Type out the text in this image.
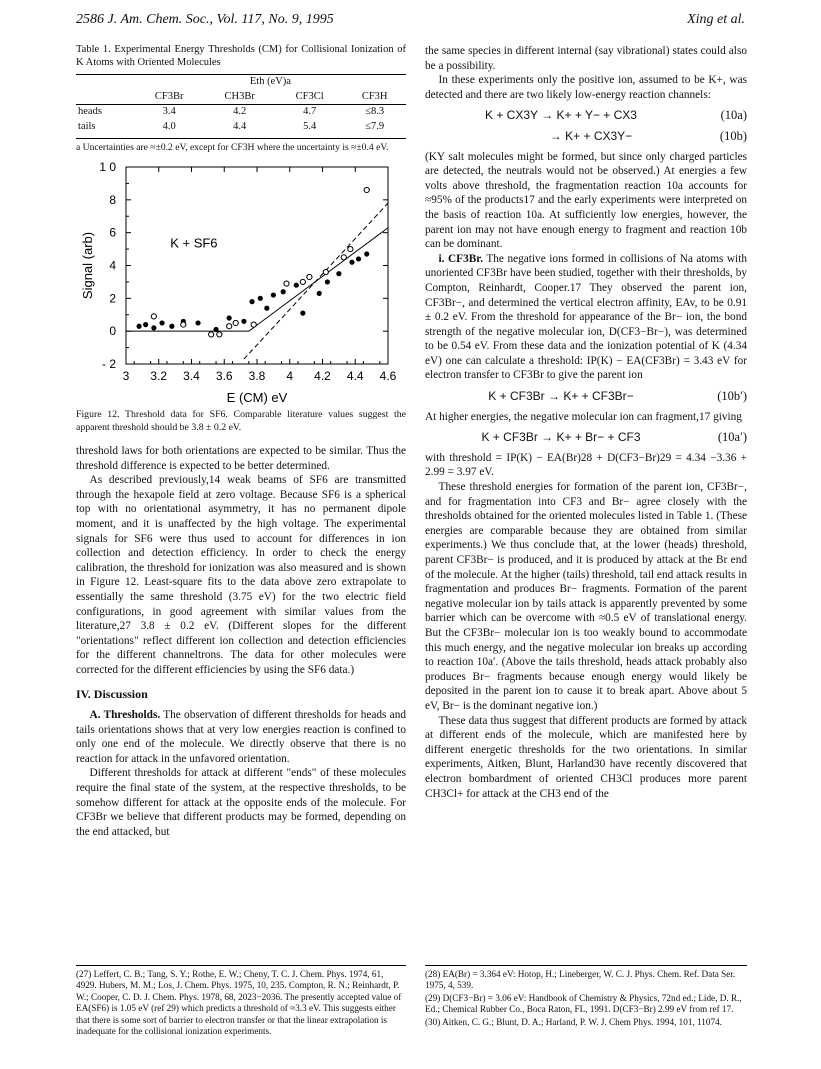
2586 J. Am. Chem. Soc., Vol. 117, No. 9, 1995	Xing et al.
Table 1. Experimental Energy Thresholds (CM) for Collisional Ionization of K Atoms with Oriented Molecules
	Eth (eV)a			
	CF3Br	CH3Br	CF3Cl	CF3H
heads	3.4	4.2	4.7	≤8.3
tails	4.0	4.4	5.4	≤7.9
a Uncertainties are ≈±0.2 eV, except for CF3H where the uncertainty is ≈±0.4 eV.
3 3.2 3.4 3.6 3.8 4 4.2 4.4 4.6
- 2
0
2
4
6
8
1 0
E (CM) eV
Signal (arb)	K + SF6
Figure 12. Threshold data for SF6. Comparable literature values suggest the apparent threshold should be 3.8 ± 0.2 eV.

threshold laws for both orientations are expected to be similar. Thus the threshold difference is expected to be better determined.

As described previously,14 weak beams of SF6 are transmitted through the hexapole field at zero voltage. Because SF6 is a spherical top with no orientational asymmetry, it has no permanent dipole moment, and it is unaffected by the high voltage. The experimental signals for SF6 were thus used to account for differences in ion collection and detection efficiency. In order to check the energy calibration, the threshold for ionization was also measured and is shown in Figure 12. Least-square fits to the data above zero extrapolate to essentially the same threshold (3.75 eV) for the two electric field configurations, in good agreement with similar values from the literature,27 3.8 ± 0.2 eV. (Different slopes for the different "orientations" reflect different ion collection and detection efficiencies for the different channeltrons. The data for other molecules were corrected for the different efficiencies by using the SF6 data.)

IV. Discussion

A. Thresholds. The observation of different thresholds for heads and tails orientations shows that at very low energies reaction is confined to only one end of the molecule. We directly observe that there is no reaction for attack in the unfavored orientation.

Different thresholds for attack at different "ends" of these molecules require the final state of the system, at the respective thresholds, to be somehow different for attack at the opposite ends of the molecule. For CF3Br we believe that different products may be formed, depending on the end attacked, but

the same species in different internal (say vibrational) states could also be a possibility.

In these experiments only the positive ion, assumed to be K+, was detected and there are two likely low-energy reaction channels:

K + CX3Y → K+ + Y− + CX3	(10a)
→ K+ + CX3Y−	(10b)

(KY salt molecules might be formed, but since only charged particles are detected, the neutrals would not be observed.) At energies a few volts above threshold, the fragmentation reaction 10a accounts for ≈95% of the products17 and the early experiments were interpreted on the basis of reaction 10a. At sufficiently low energies, however, the parent ion may not have enough energy to fragment and reaction 10b can be dominant.

i. CF3Br. The negative ions formed in collisions of Na atoms with unoriented CF3Br have been studied, together with their thresholds, by Compton, Reinhardt, Cooper.17 They observed the parent ion, CF3Br−, and determined the vertical electron affinity, EAv, to be 0.91 ± 0.2 eV. From the threshold for appearance of the Br− ion, the bond strength of the negative molecular ion, D(CF3−Br−), was determined to be 0.54 eV. From these data and the ionization potential of K (4.34 eV) one can calculate a threshold: IP(K) − EA(CF3Br) = 3.43 eV for electron transfer to CF3Br to give the parent ion

K + CF3Br → K+ + CF3Br−	(10b′)

At higher energies, the negative molecular ion can fragment,17 giving

K + CF3Br → K+ + Br− + CF3	(10a′)

with threshold = IP(K) − EA(Br)28 + D(CF3−Br)29 = 4.34 −3.36 + 2.99 = 3.97 eV.

These threshold energies for formation of the parent ion, CF3Br−, and for fragmentation into CF3 and Br− agree closely with the thresholds obtained for the oriented molecules listed in Table 1. (These energies are comparable because they are obtained from similar experiments.) We thus conclude that, at the lower (heads) threshold, parent CF3Br− is produced, and it is produced by attack at the Br end of the molecule. At the higher (tails) threshold, tail end attack results in fragmentation and produces Br− fragments. Formation of the parent negative molecular ion by tails attack is apparently prevented by some barrier which can be overcome with ≈0.5 eV of translational energy. But the CF3Br− molecular ion is too weakly bound to accommodate this much energy, and the negative molecular ion breaks up according to reaction 10a′. (Above the tails threshold, heads attack probably also produces Br− fragments because enough energy would likely be deposited in the parent ion to cause it to break apart. Above about 5 eV, Br− is the dominant negative ion.)

These data thus suggest that different products are formed by attack at different ends of the molecule, which are manifested here by different energetic thresholds for the two orientations. In similar experiments, Aitken, Blunt, Harland30 have recently discovered that electron bombardment of oriented CH3Cl produces more parent CH3Cl+ for attack at the CH3 end of the

(27) Leffert, C. B.; Tang, S. Y.; Rothe, E. W.; Cheny, T. C. J. Chem. Phys. 1974, 61, 4929. Hubers, M. M.; Los, J. Chem. Phys. 1975, 10, 235. Compton, R. N.; Reinhardt, P. W.; Cooper, C. D. J. Chem. Phys. 1978, 68, 2023−2036. The presently accepted value of EA(SF6) is 1.05 eV (ref 29) which predicts a threshold of ≈3.3 eV. This suggests either that there is some sort of barrier to electron transfer or that the linear extrapolation is inadequate for the collisional ionization experiments.
(28) EA(Br) = 3.364 eV: Hotop, H.; Lineberger, W. C. J. Phys. Chem. Ref. Data Ser. 1975, 4, 539.
(29) D(CF3−Br) = 3.06 eV: Handbook of Chemistry & Physics, 72nd ed.; Lide, D. R., Ed.; Chemical Rubber Co., Boca Raton, FL, 1991. D(CF3−Br) 2.99 eV from ref 17.
(30) Aitken, C. G.; Blunt, D. A.; Harland, P. W. J. Chem Phys. 1994, 101, 11074.
